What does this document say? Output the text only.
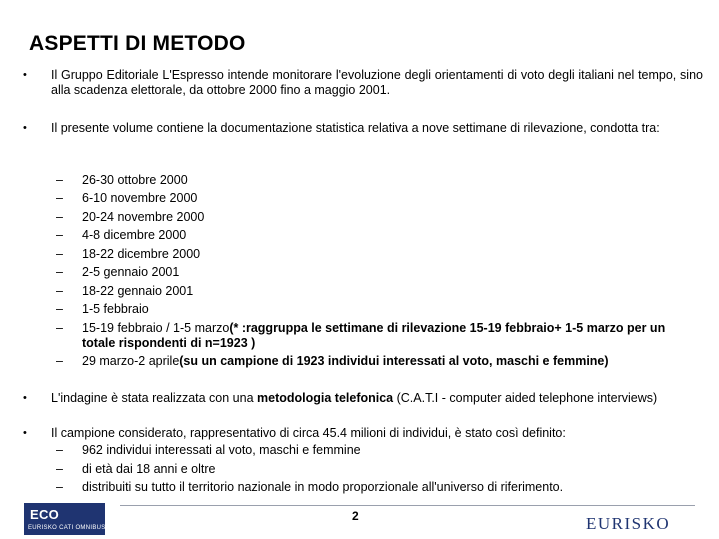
ASPETTI DI METODO
•	Il Gruppo Editoriale L'Espresso intende monitorare l'evoluzione degli orientamenti di voto degli italiani nel tempo, sino alla scadenza elettorale, da ottobre 2000 fino a maggio 2001.
•	Il presente volume contiene la documentazione statistica relativa a nove settimane di rilevazione, condotta tra:
–	26-30 ottobre 2000
–	6-10 novembre 2000
–	20-24 novembre 2000
–	4-8 dicembre 2000
–	18-22 dicembre 2000
–	2-5 gennaio 2001
–	18-22 gennaio 2001
–	1-5 febbraio
–	15-19 febbraio / 1-5 marzo(* :raggruppa le settimane di rilevazione 15-19 febbraio+ 1-5 marzo per un totale rispondenti di n=1923 )
–	29 marzo-2 aprile(su un campione di 1923 individui interessati al voto, maschi e femmine)
•	L'indagine è stata realizzata con una metodologia telefonica (C.A.T.I - computer aided telephone interviews)
•	Il campione considerato, rappresentativo di circa 45.4 milioni di individui, è stato così definito:
–	962 individui interessati al voto, maschi e femmine
–	di età dai 18 anni e oltre
–	distribuiti su tutto il territorio nazionale in modo proporzionale all'universo di riferimento.
ECO
EURISKO CATI OMNIBUS
2	EURISKO
